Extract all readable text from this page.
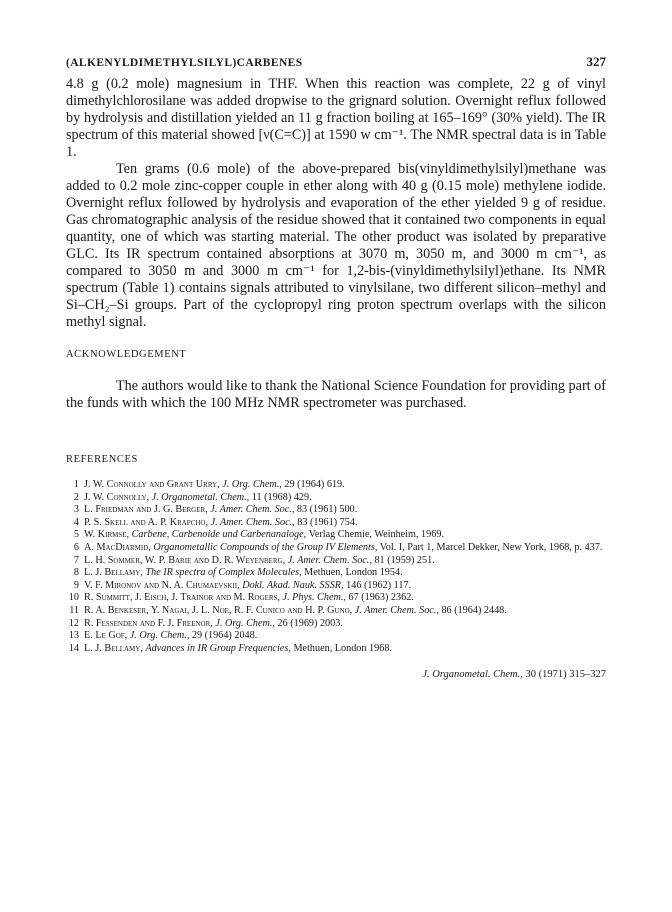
(ALKENYLDIMETHYLSILYL)CARBENES	327

4.8 g (0.2 mole) magnesium in THF. When this reaction was complete, 22 g of vinyl dimethylchlorosilane was added dropwise to the grignard solution. Overnight reflux followed by hydrolysis and distillation yielded an 11 g fraction boiling at 165–169° (30% yield). The IR spectrum of this material showed [ν(C=C)] at 1590 w cm⁻¹. The NMR spectral data is in Table 1.

Ten grams (0.6 mole) of the above-prepared bis(vinyldimethylsilyl)methane was added to 0.2 mole zinc-copper couple in ether along with 40 g (0.15 mole) methylene iodide. Overnight reflux followed by hydrolysis and evaporation of the ether yielded 9 g of residue. Gas chromatographic analysis of the residue showed that it contained two components in equal quantity, one of which was starting material. The other product was isolated by preparative GLC. Its IR spectrum contained absorptions at 3070 m, 3050 m, and 3000 m cm⁻¹, as compared to 3050 m and 3000 m cm⁻¹ for 1,2-bis-(vinyldimethylsilyl)ethane. Its NMR spectrum (Table 1) contains signals attributed to vinylsilane, two different silicon–methyl and Si–CH₂–Si groups. Part of the cyclopropyl ring proton spectrum overlaps with the silicon methyl signal.

ACKNOWLEDGEMENT

The authors would like to thank the National Science Foundation for providing part of the funds with which the 100 MHz NMR spectrometer was purchased.

REFERENCES
1 J. W. Connolly and Grant Urry, J. Org. Chem., 29 (1964) 619.
2 J. W. Connolly, J. Organometal. Chem., 11 (1968) 429.
3 L. Friedman and J. G. Berger, J. Amer. Chem. Soc., 83 (1961) 500.
4 P. S. Skell and A. P. Krapcho, J. Amer. Chem. Soc., 83 (1961) 754.
5 W. Kirmse, Carbene, Carbenoide und Carbenanaloge, Verlag Chemie, Weinheim, 1969.
6 A. MacDiarmid, Organometallic Compounds of the Group IV Elements, Vol. I, Part 1, Marcel Dekker, New York, 1968, p. 437.
7 L. H. Sommer, W. P. Barie and D. R. Weyenberg, J. Amer. Chem. Soc., 81 (1959) 251.
8 L. J. Bellamy, The IR spectra of Complex Molecules, Methuen, London 1954.
9 V. F. Mironov and N. A. Chumaevskii, Dokl. Akad. Nauk. SSSR, 146 (1962) 117.
10 R. Summitt, J. Eisch, J. Trainor and M. Rogers, J. Phys. Chem., 67 (1963) 2362.
11 R. A. Benkeser, Y. Nagai, J. L. Noe, R. F. Cunico and H. P. Guno, J. Amer. Chem. Soc., 86 (1964) 2448.
12 R. Fessenden and F. J. Freenor, J. Org. Chem., 26 (1969) 2003.
13 E. Le Gof, J. Org. Chem., 29 (1964) 2048.
14 L. J. Bellamy, Advances in IR Group Frequencies, Methuen, London 1968.
J. Organometal. Chem., 30 (1971) 315–327
